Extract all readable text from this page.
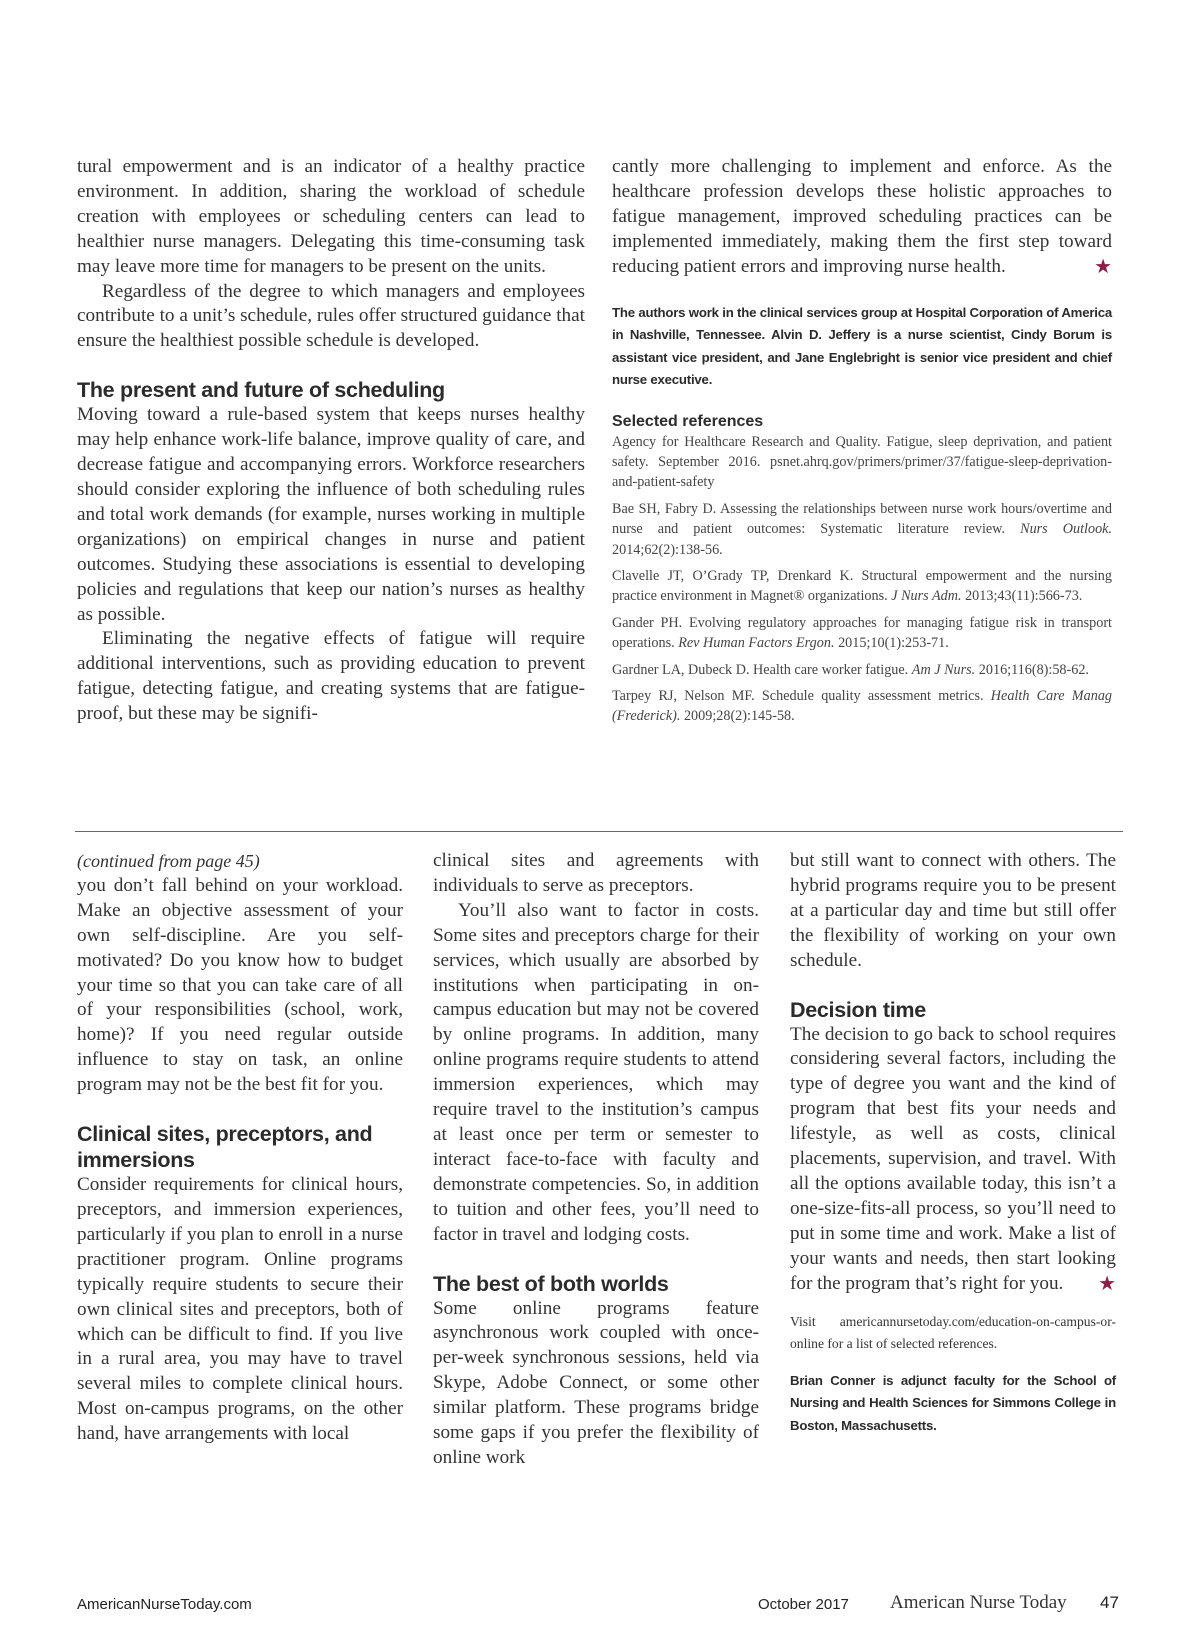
tural empowerment and is an indicator of a healthy practice environment. In addition, sharing the workload of schedule creation with employees or scheduling centers can lead to healthier nurse managers. Delegating this time-consuming task may leave more time for managers to be present on the units.

Regardless of the degree to which managers and employees contribute to a unit’s schedule, rules offer structured guidance that ensure the healthiest possible schedule is developed.

The present and future of scheduling

Moving toward a rule-based system that keeps nurses healthy may help enhance work-life balance, improve quality of care, and decrease fatigue and accompanying errors. Workforce researchers should consider exploring the influence of both scheduling rules and total work demands (for example, nurses working in multiple organizations) on empirical changes in nurse and patient outcomes. Studying these associations is essential to developing policies and regulations that keep our nation’s nurses as healthy as possible.

Eliminating the negative effects of fatigue will require additional interventions, such as providing education to prevent fatigue, detecting fatigue, and creating systems that are fatigue-proof, but these may be signifi-

cantly more challenging to implement and enforce. As the healthcare profession develops these holistic approaches to fatigue management, improved scheduling practices can be implemented immediately, making them the first step toward reducing patient errors and improving nurse health.	★

The authors work in the clinical services group at Hospital Corporation of America in Nashville, Tennessee. Alvin D. Jeffery is a nurse scientist, Cindy Borum is assistant vice president, and Jane Englebright is senior vice president and chief nurse executive.

Selected references

Agency for Healthcare Research and Quality. Fatigue, sleep deprivation, and patient safety. September 2016. psnet.ahrq.gov/primers/primer/37/fatigue-sleep-deprivation-and-patient-safety

Bae SH, Fabry D. Assessing the relationships between nurse work hours/overtime and nurse and patient outcomes: Systematic literature review. Nurs Outlook. 2014;62(2):138-56.

Clavelle JT, O’Grady TP, Drenkard K. Structural empowerment and the nursing practice environment in Magnet® organizations. J Nurs Adm. 2013;43(11):566-73.

Gander PH. Evolving regulatory approaches for managing fatigue risk in transport operations. Rev Human Factors Ergon. 2015;10(1):253-71.

Gardner LA, Dubeck D. Health care worker fatigue. Am J Nurs. 2016;116(8):58-62.

Tarpey RJ, Nelson MF. Schedule quality assessment metrics. Health Care Manag (Frederick). 2009;28(2):145-58.

(continued from page 45)

you don’t fall behind on your workload. Make an objective assessment of your own self-discipline. Are you self-motivated? Do you know how to budget your time so that you can take care of all of your responsibilities (school, work, home)? If you need regular outside influence to stay on task, an online program may not be the best fit for you.

Clinical sites, preceptors, and immersions

Consider requirements for clinical hours, preceptors, and immersion experiences, particularly if you plan to enroll in a nurse practitioner program. Online programs typically require students to secure their own clinical sites and preceptors, both of which can be difficult to find. If you live in a rural area, you may have to travel several miles to complete clinical hours. Most on-campus programs, on the other hand, have arrangements with local

clinical sites and agreements with individuals to serve as preceptors.

You’ll also want to factor in costs. Some sites and preceptors charge for their services, which usually are absorbed by institutions when participating in on-campus education but may not be covered by online programs. In addition, many online programs require students to attend immersion experiences, which may require travel to the institution’s campus at least once per term or semester to interact face-to-face with faculty and demonstrate competencies. So, in addition to tuition and other fees, you’ll need to factor in travel and lodging costs.

The best of both worlds

Some online programs feature asynchronous work coupled with once-per-week synchronous sessions, held via Skype, Adobe Connect, or some other similar platform. These programs bridge some gaps if you prefer the flexibility of online work

but still want to connect with others. The hybrid programs require you to be present at a particular day and time but still offer the flexibility of working on your own schedule.

Decision time

The decision to go back to school requires considering several factors, including the type of degree you want and the kind of program that best fits your needs and lifestyle, as well as costs, clinical placements, supervision, and travel. With all the options available today, this isn’t a one-size-fits-all process, so you’ll need to put in some time and work. Make a list of your wants and needs, then start looking for the program that’s right for you. ★

Visit americannursetoday.com/education-on-campus-or-online for a list of selected references.

Brian Conner is adjunct faculty for the School of Nursing and Health Sciences for Simmons College in Boston, Massachusetts.

AmericanNurseToday.com	October 2017 American Nurse Today 47
